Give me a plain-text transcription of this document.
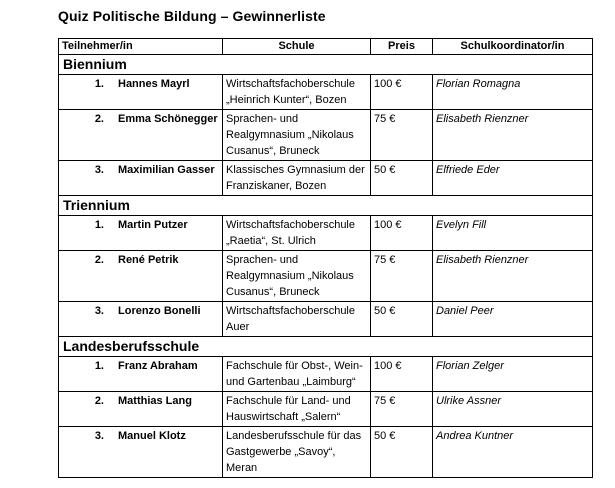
Quiz Politische Bildung – Gewinnerliste
Teilnehmer/in	Schule	Preis	Schulkoordinator/in
Biennium			
1. Hannes Mayrl	Wirtschaftsfachoberschule „Heinrich Kunter“, Bozen	100 €	Florian Romagna
2. Emma Schönegger	Sprachen- und Realgymnasium „Nikolaus Cusanus“, Bruneck	75 €	Elisabeth Rienzner
3. Maximilian Gasser	Klassisches Gymnasium der Franziskaner, Bozen	50 €	Elfriede Eder
Triennium			
1. Martin Putzer	Wirtschaftsfachoberschule „Raetia“, St. Ulrich	100 €	Evelyn Fill
2. René Petrik	Sprachen- und Realgymnasium „Nikolaus Cusanus“, Bruneck	75 €	Elisabeth Rienzner
3. Lorenzo Bonelli	Wirtschaftsfachoberschule Auer	50 €	Daniel Peer
Landesberufsschule			
1. Franz Abraham	Fachschule für Obst-, Wein- und Gartenbau „Laimburg“	100 €	Florian Zelger
2. Matthias Lang	Fachschule für Land- und Hauswirtschaft „Salern“	75 €	Ulrike Assner
3. Manuel Klotz	Landesberufsschule für das Gastgewerbe „Savoy“, Meran	50 €	Andrea Kuntner
